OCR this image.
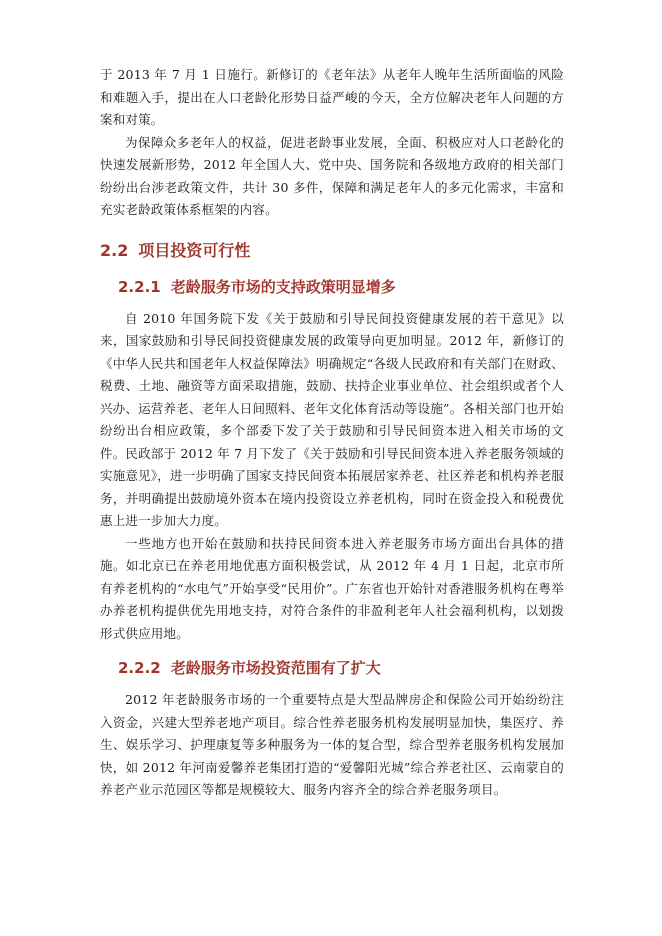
于 2013 年 7 月 1 日施行。新修订的《老年法》从老年人晚年生活所面临的风险和难题入手，提出在人口老龄化形势日益严峻的今天，全方位解决老年人问题的方案和对策。

为保障众多老年人的权益，促进老龄事业发展，全面、积极应对人口老龄化的快速发展新形势，2012 年全国人大、党中央、国务院和各级地方政府的相关部门纷纷出台涉老政策文件，共计 30 多件，保障和满足老年人的多元化需求，丰富和充实老龄政策体系框架的内容。

2.2 项目投资可行性
2.2.1 老龄服务市场的支持政策明显增多

自 2010 年国务院下发《关于鼓励和引导民间投资健康发展的若干意见》以来，国家鼓励和引导民间投资健康发展的政策导向更加明显。2012 年，新修订的《中华人民共和国老年人权益保障法》明确规定“各级人民政府和有关部门在财政、税费、土地、融资等方面采取措施，鼓励、扶持企业事业单位、社会组织或者个人兴办、运营养老、老年人日间照料、老年文化体育活动等设施”。各相关部门也开始纷纷出台相应政策，多个部委下发了关于鼓励和引导民间资本进入相关市场的文件。民政部于 2012 年 7 月下发了《关于鼓励和引导民间资本进入养老服务领域的实施意见》，进一步明确了国家支持民间资本拓展居家养老、社区养老和机构养老服务，并明确提出鼓励境外资本在境内投资设立养老机构，同时在资金投入和税费优惠上进一步加大力度。

一些地方也开始在鼓励和扶持民间资本进入养老服务市场方面出台具体的措施。如北京已在养老用地优惠方面积极尝试，从 2012 年 4 月 1 日起，北京市所有养老机构的“水电气”开始享受“民用价”。广东省也开始针对香港服务机构在粤举办养老机构提供优先用地支持，对符合条件的非盈利老年人社会福利机构，以划拨形式供应用地。

2.2.2 老龄服务市场投资范围有了扩大

2012 年老龄服务市场的一个重要特点是大型品牌房企和保险公司开始纷纷注入资金，兴建大型养老地产项目。综合性养老服务机构发展明显加快，集医疗、养生、娱乐学习、护理康复等多种服务为一体的复合型，综合型养老服务机构发展加快，如 2012 年河南爱馨养老集团打造的“爱馨阳光城”综合养老社区、云南蒙自的养老产业示范园区等都是规模较大、服务内容齐全的综合养老服务项目。
